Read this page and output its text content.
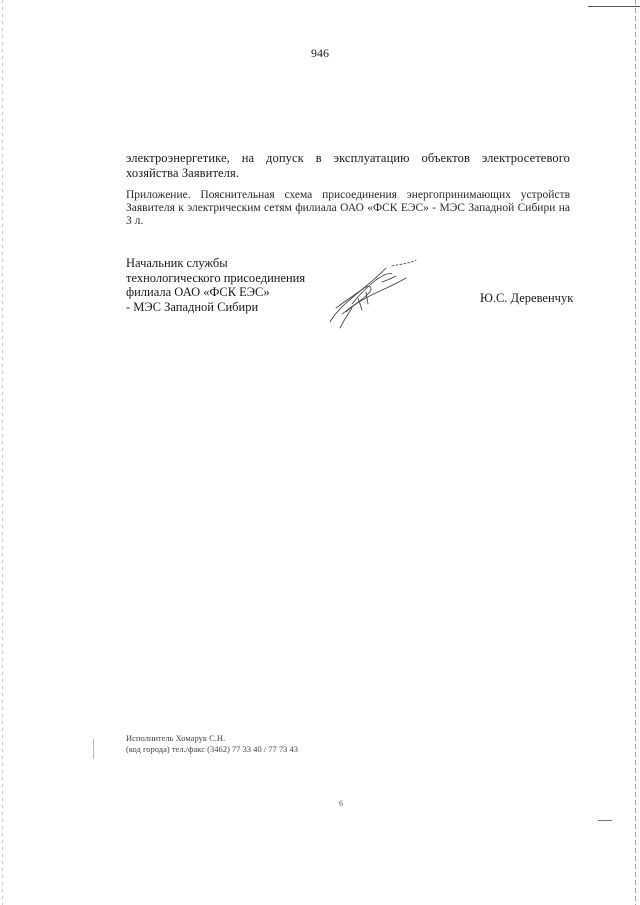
946
электроэнергетике, на допуск в эксплуатацию объектов электросетевого хозяйства Заявителя.
Приложение. Пояснительная схема присоединения энергопринимающих устройств Заявителя к электрическим сетям филиала ОАО «ФСК ЕЭС» - МЭС Западной Сибири на 3 л.
Начальник службы
технологического присоединения
филиала ОАО «ФСК ЕЭС»
- МЭС Западной Сибири
Ю.С. Деревенчук
Исполнитель Хомарук С.Н.
(код города) тел./факс (3462) 77 33 40 / 77 73 43
6
